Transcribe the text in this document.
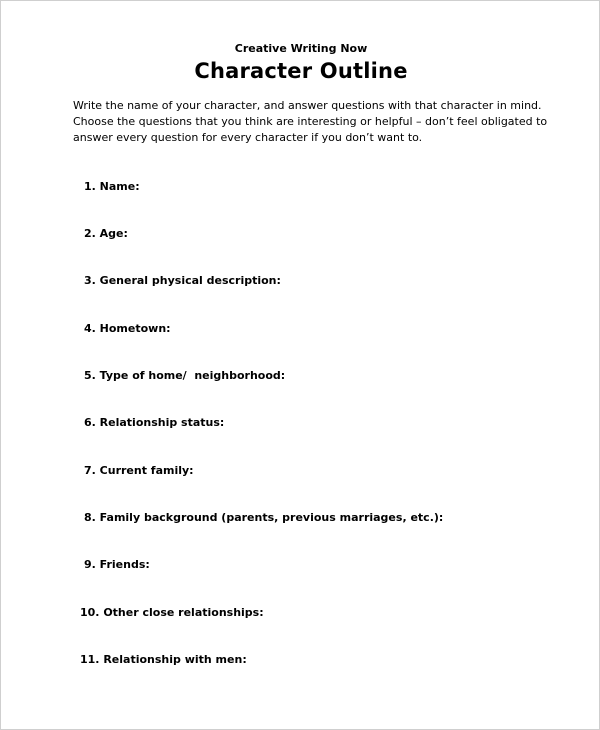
Creative Writing Now
Character Outline

Write the name of your character, and answer questions with that character in mind.

Choose the questions that you think are interesting or helpful – don’t feel obligated to

answer every question for every character if you don’t want to.

1. Name:
2. Age:
3. General physical description:
4. Hometown:
5. Type of home/  neighborhood:
6. Relationship status:
7. Current family:
8. Family background (parents, previous marriages, etc.):
9. Friends:
10. Other close relationships:
11. Relationship with men:
